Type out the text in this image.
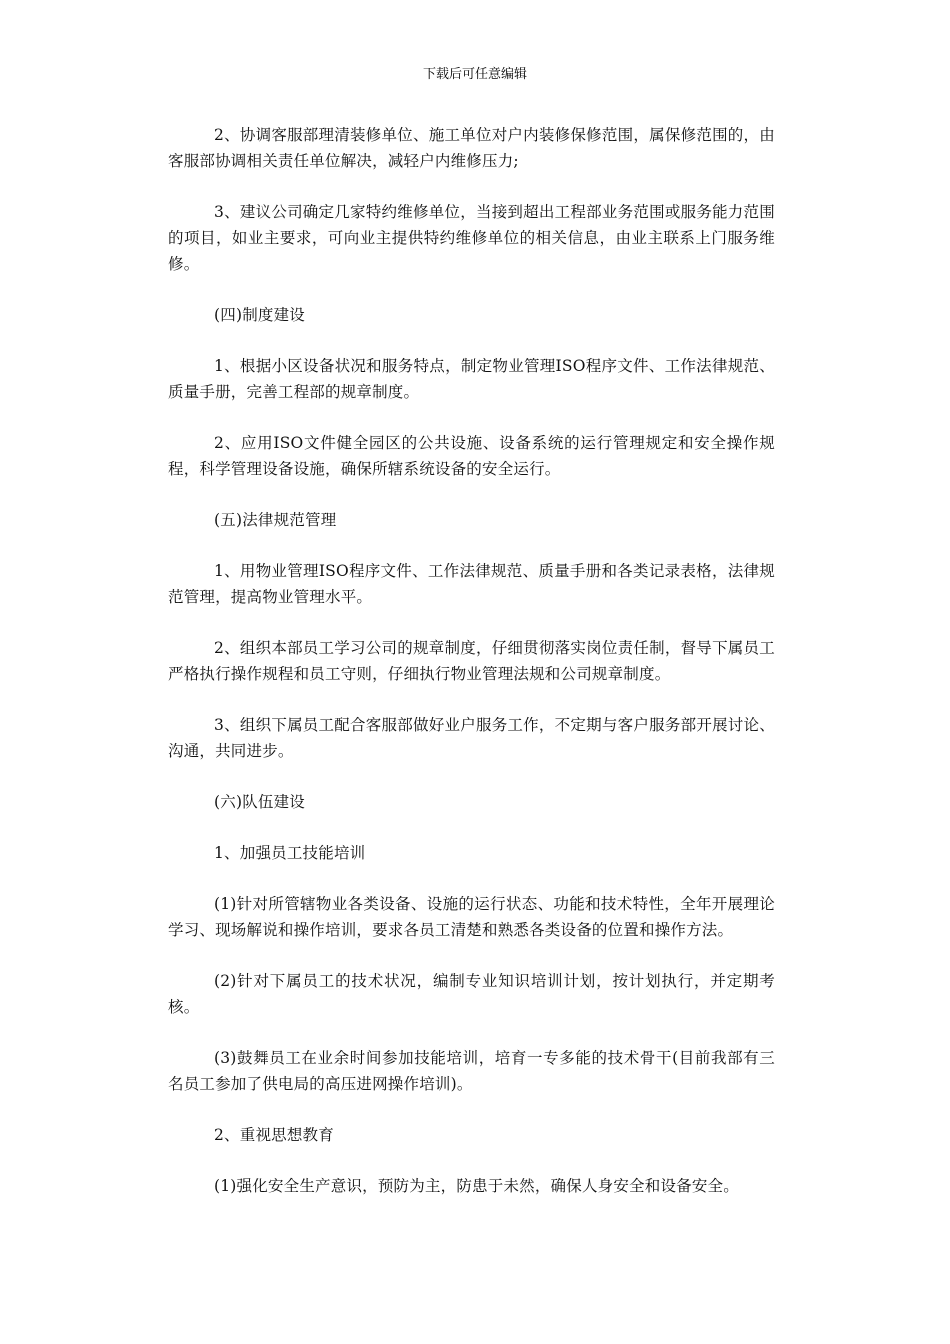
下载后可任意编辑

2、协调客服部理清装修单位、施工单位对户内装修保修范围，属保修范围的，由客服部协调相关责任单位解决，减轻户内维修压力;

3、建议公司确定几家特约维修单位，当接到超出工程部业务范围或服务能力范围的项目，如业主要求，可向业主提供特约维修单位的相关信息，由业主联系上门服务维修。

(四)制度建设

1、根据小区设备状况和服务特点，制定物业管理ISO程序文件、工作法律规范、质量手册，完善工程部的规章制度。

2、应用ISO文件健全园区的公共设施、设备系统的运行管理规定和安全操作规程，科学管理设备设施，确保所辖系统设备的安全运行。

(五)法律规范管理

1、用物业管理ISO程序文件、工作法律规范、质量手册和各类记录表格，法律规范管理，提高物业管理水平。

2、组织本部员工学习公司的规章制度，仔细贯彻落实岗位责任制，督导下属员工严格执行操作规程和员工守则，仔细执行物业管理法规和公司规章制度。

3、组织下属员工配合客服部做好业户服务工作，不定期与客户服务部开展讨论、沟通，共同进步。

(六)队伍建设

1、加强员工技能培训

(1)针对所管辖物业各类设备、设施的运行状态、功能和技术特性，全年开展理论学习、现场解说和操作培训，要求各员工清楚和熟悉各类设备的位置和操作方法。

(2)针对下属员工的技术状况，编制专业知识培训计划，按计划执行，并定期考核。

(3)鼓舞员工在业余时间参加技能培训，培育一专多能的技术骨干(目前我部有三名员工参加了供电局的高压进网操作培训)。

2、重视思想教育

(1)强化安全生产意识，预防为主，防患于未然，确保人身安全和设备安全。
